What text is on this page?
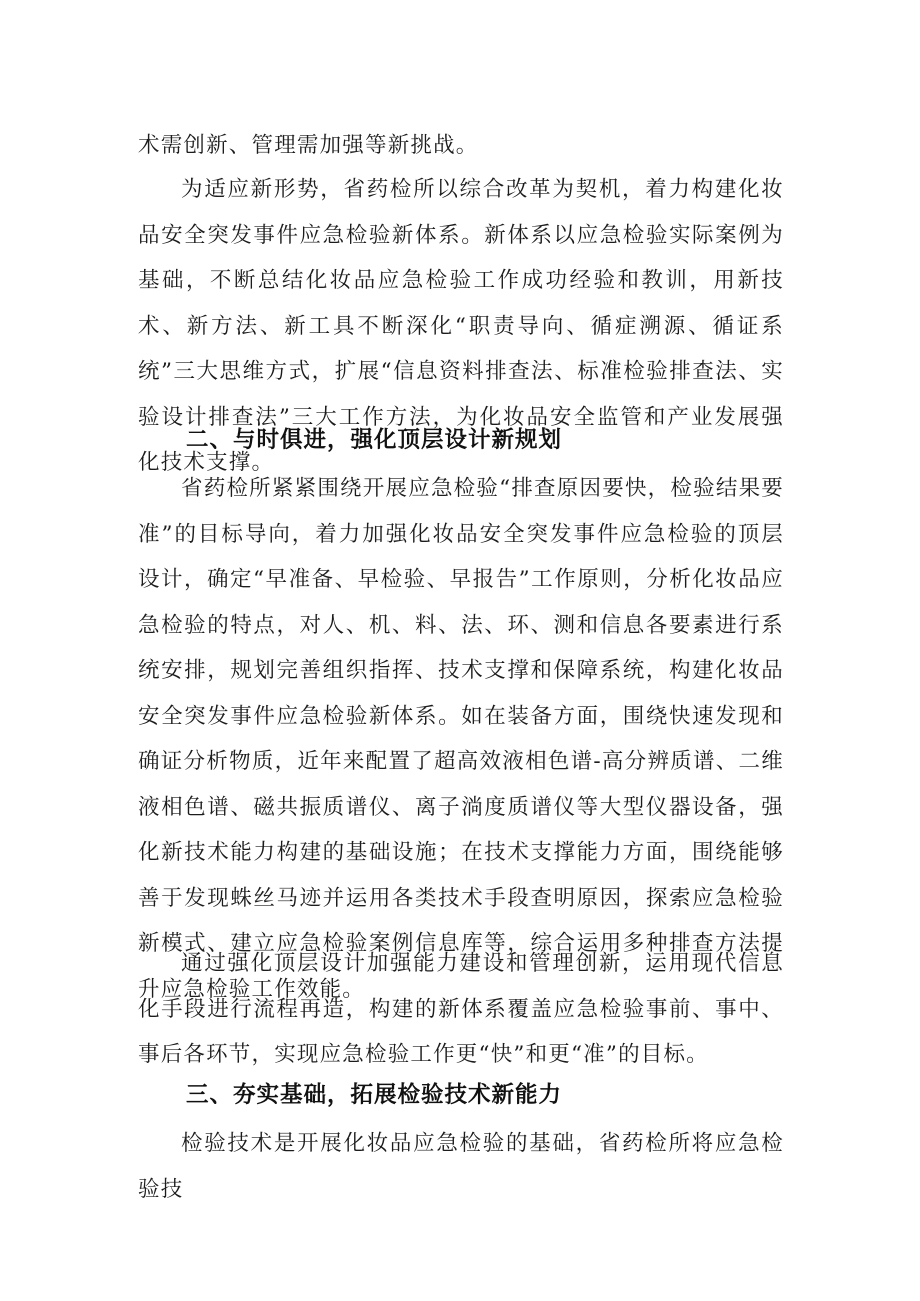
术需创新、管理需加强等新挑战。

为适应新形势，省药检所以综合改革为契机，着力构建化妆品安全突发事件应急检验新体系。新体系以应急检验实际案例为基础，不断总结化妆品应急检验工作成功经验和教训，用新技术、新方法、新工具不断深化“职责导向、循症溯源、循证系统”三大思维方式，扩展“信息资料排查法、标准检验排查法、实验设计排查法”三大工作方法，为化妆品安全监管和产业发展强化技术支撑。

二、与时俱进，强化顶层设计新规划

省药检所紧紧围绕开展应急检验“排查原因要快，检验结果要准”的目标导向，着力加强化妆品安全突发事件应急检验的顶层设计，确定“早准备、早检验、早报告”工作原则，分析化妆品应急检验的特点，对人、机、料、法、环、测和信息各要素进行系统安排，规划完善组织指挥、技术支撑和保障系统，构建化妆品安全突发事件应急检验新体系。如在装备方面，围绕快速发现和确证分析物质，近年来配置了超高效液相色谱-高分辨质谱、二维液相色谱、磁共振质谱仪、离子淌度质谱仪等大型仪器设备，强化新技术能力构建的基础设施；在技术支撑能力方面，围绕能够善于发现蛛丝马迹并运用各类技术手段查明原因，探索应急检验新模式、建立应急检验案例信息库等，综合运用多种排查方法提升应急检验工作效能。

通过强化顶层设计加强能力建设和管理创新，运用现代信息化手段进行流程再造，构建的新体系覆盖应急检验事前、事中、事后各环节，实现应急检验工作更“快”和更“准”的目标。

三、夯实基础，拓展检验技术新能力

检验技术是开展化妆品应急检验的基础，省药检所将应急检验技
